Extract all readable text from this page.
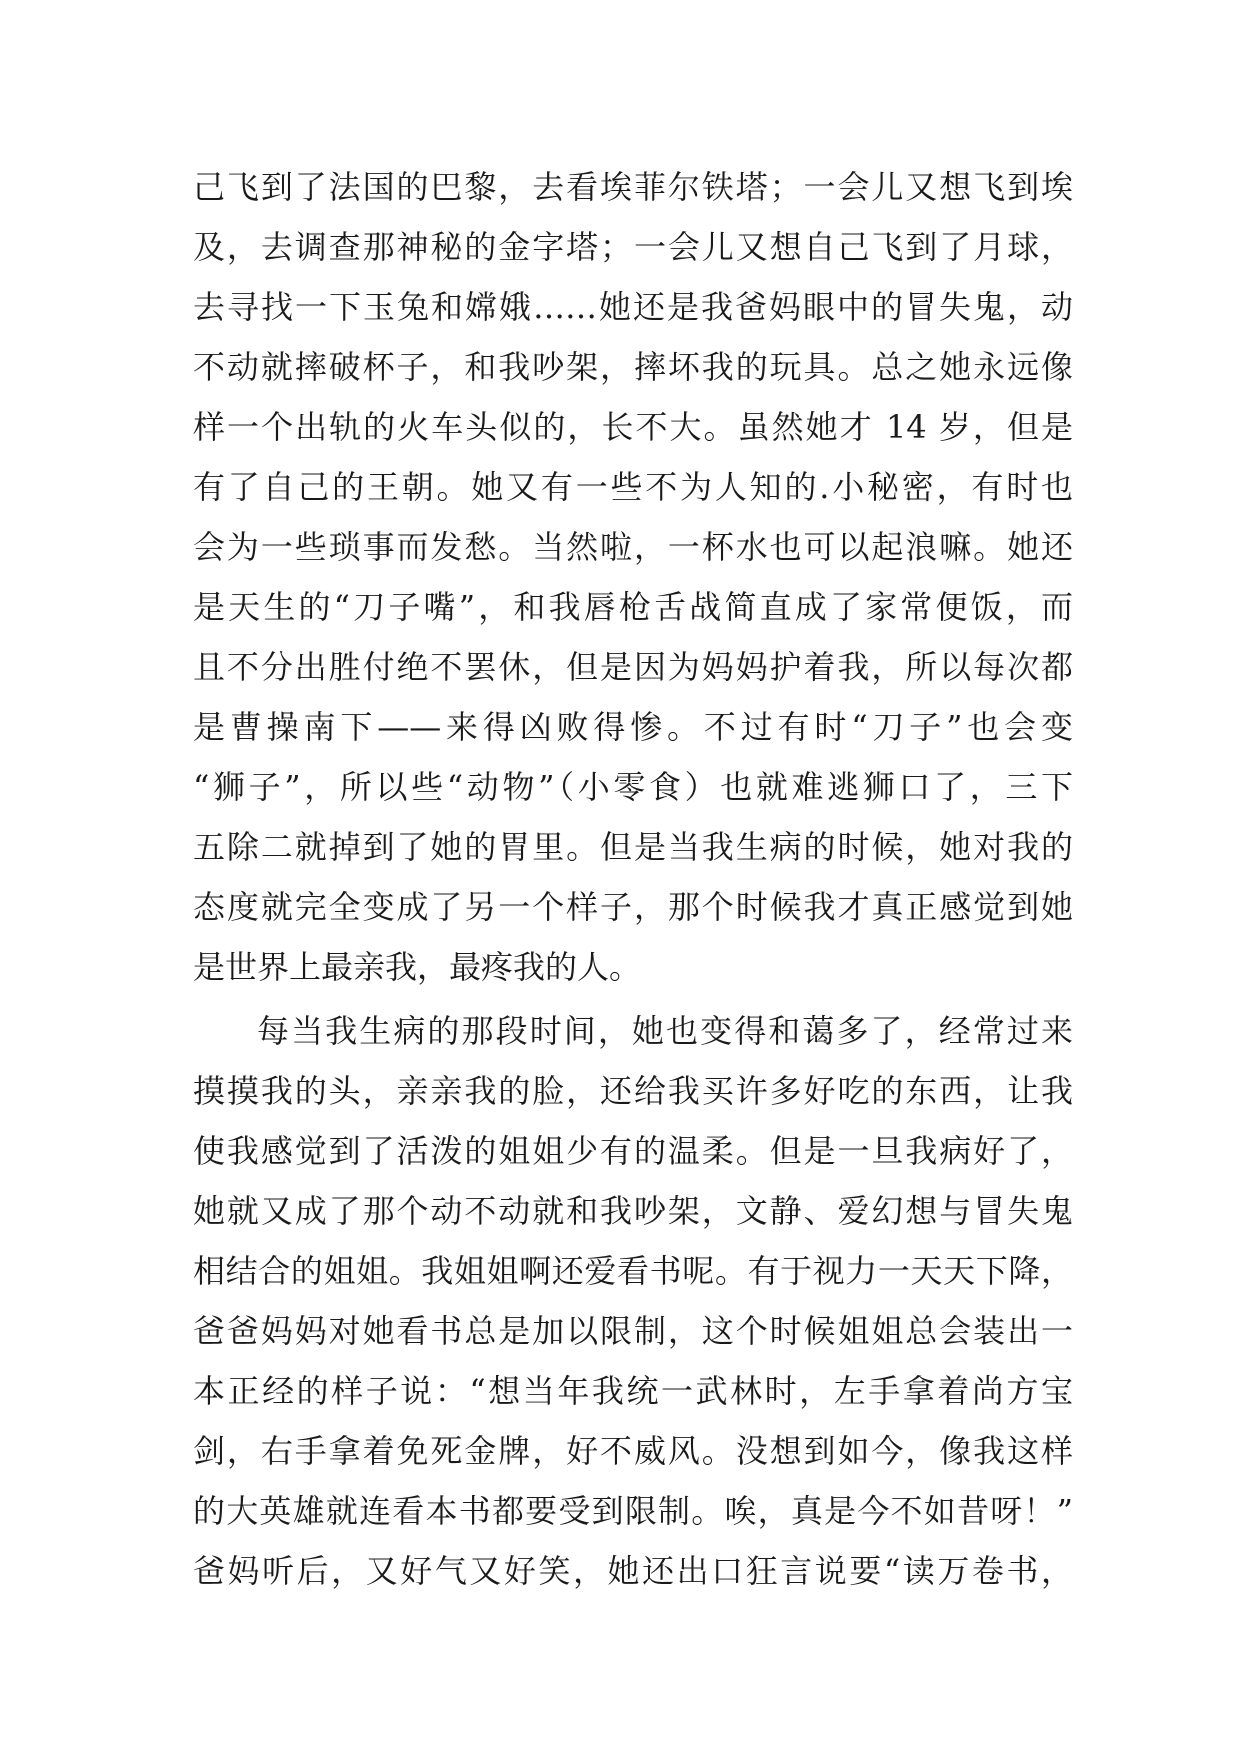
己飞到了法国的巴黎，去看埃菲尔铁塔；一会儿又想飞到埃
及，去调查那神秘的金字塔；一会儿又想自己飞到了月球，
去寻找一下玉兔和嫦娥……她还是我爸妈眼中的冒失鬼，动
不动就摔破杯子，和我吵架，摔坏我的玩具。总之她永远像
样一个出轨的火车头似的，长不大。虽然她才 14 岁，但是
有了自己的王朝。她又有一些不为人知的.小秘密，有时也
会为一些琐事而发愁。当然啦，一杯水也可以起浪嘛。她还
是天生的“刀子嘴”，和我唇枪舌战简直成了家常便饭，而
且不分出胜付绝不罢休，但是因为妈妈护着我，所以每次都
是曹操南下——来得凶败得惨。不过有时“刀子”也会变
“狮子”，所以些“动物”（小零食）也就难逃狮口了，三下
五除二就掉到了她的胃里。但是当我生病的时候，她对我的
态度就完全变成了另一个样子，那个时候我才真正感觉到她
是世界上最亲我，最疼我的人。
每当我生病的那段时间，她也变得和蔼多了，经常过来
摸摸我的头，亲亲我的脸，还给我买许多好吃的东西，让我
使我感觉到了活泼的姐姐少有的温柔。但是一旦我病好了，
她就又成了那个动不动就和我吵架，文静、爱幻想与冒失鬼
相结合的姐姐。我姐姐啊还爱看书呢。有于视力一天天下降，
爸爸妈妈对她看书总是加以限制，这个时候姐姐总会装出一
本正经的样子说：“想当年我统一武林时，左手拿着尚方宝
剑，右手拿着免死金牌，好不威风。没想到如今，像我这样
的大英雄就连看本书都要受到限制。唉，真是今不如昔呀！”
爸妈听后，又好气又好笑，她还出口狂言说要“读万卷书，
